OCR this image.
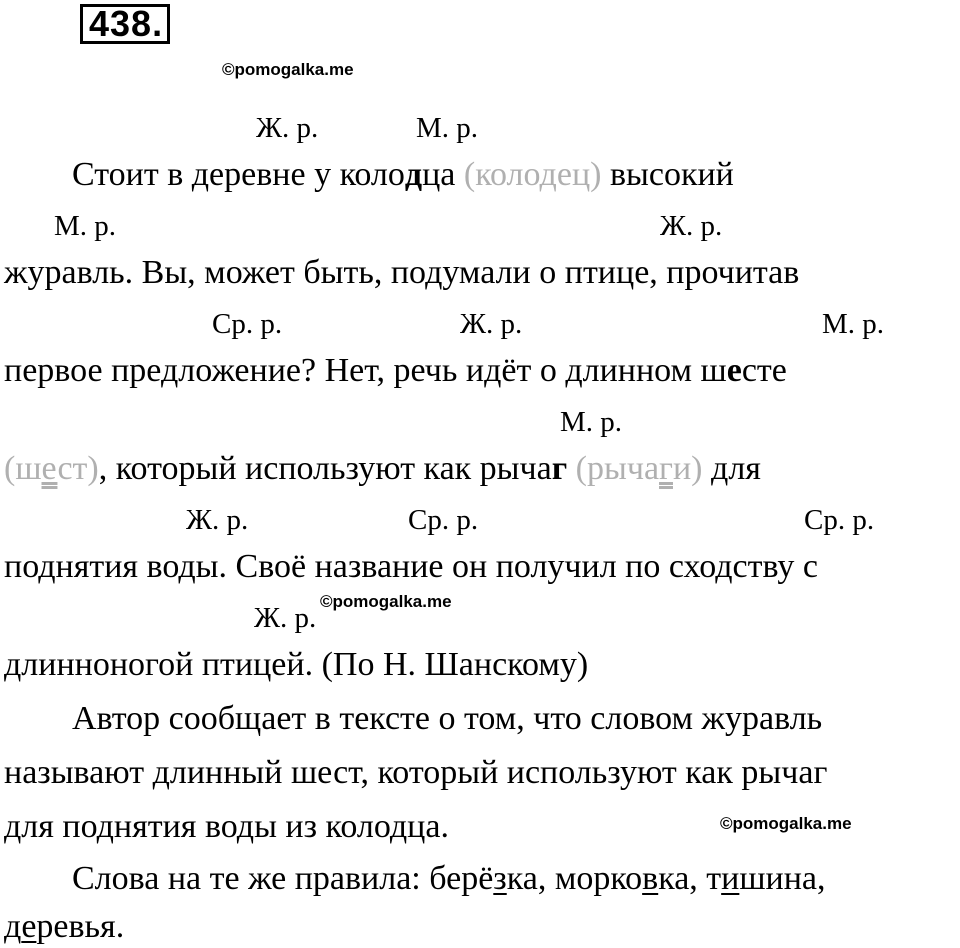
438.
©pomogalka.me
Ж. р.	М. р.
Стоит в деревне у колодца (колодец) высокий
М. р.	Ж. р.
журавль. Вы, может быть, подумали о птице, прочитав
Ср. р.	Ж. р.	М. р.
первое предложение? Нет, речь идёт о длинном шесте
М. р.
(шест), который используют как рычаг (рычаги) для
Ж. р.	Ср. р.	Ср. р.
поднятия воды. Своё название он получил по сходству с
©pomogalka.me
Ж. р.
длинноногой птицей. (По Н. Шанскому)
Автор сообщает в тексте о том, что словом журавль
называют длинный шест, который используют как рычаг
для поднятия воды из колодца.	©pomogalka.me
Слова на те же правила: берёзка, морковка, тишина,
деревья.
